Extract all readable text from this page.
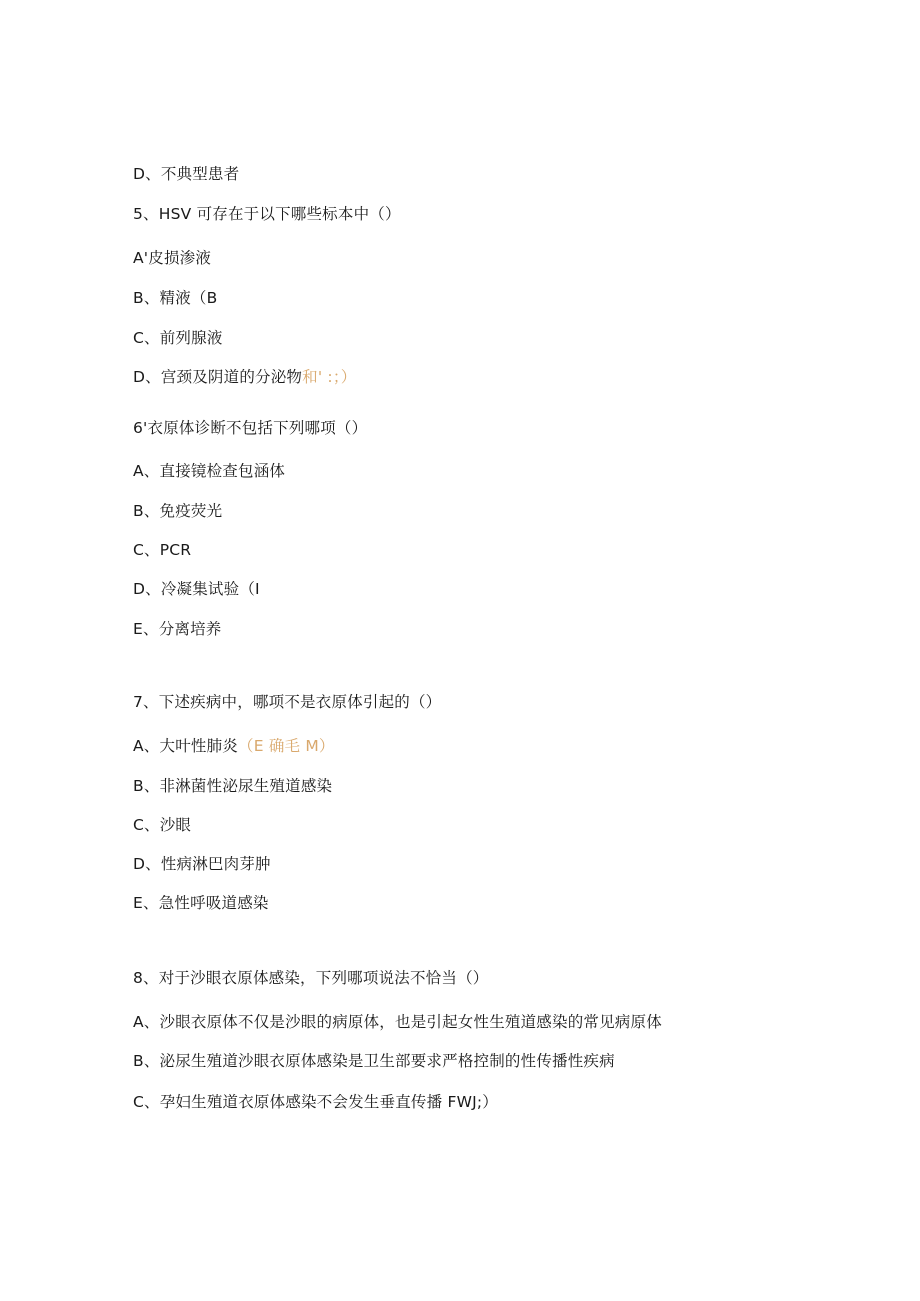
D、不典型患者
5、HSV 可存在于以下哪些标本中（）
A'皮损渗液
B、精液（B
C、前列腺液
D、宫颈及阴道的分泌物和' :；）
6'衣原体诊断不包括下列哪项（）
A、直接镜检查包涵体
B、免疫荧光
C、PCR
D、冷凝集试验（I
E、分离培养
7、下述疾病中，哪项不是衣原体引起的（）
A、大叶性肺炎（E 确毛 M）
B、非淋菌性泌尿生殖道感染
C、沙眼
D、性病淋巴肉芽肿
E、急性呼吸道感染
8、对于沙眼衣原体感染，下列哪项说法不恰当（）
A、沙眼衣原体不仅是沙眼的病原体，也是引起女性生殖道感染的常见病原体
B、泌尿生殖道沙眼衣原体感染是卫生部要求严格控制的性传播性疾病
C、孕妇生殖道衣原体感染不会发生垂直传播 FWJ;）
